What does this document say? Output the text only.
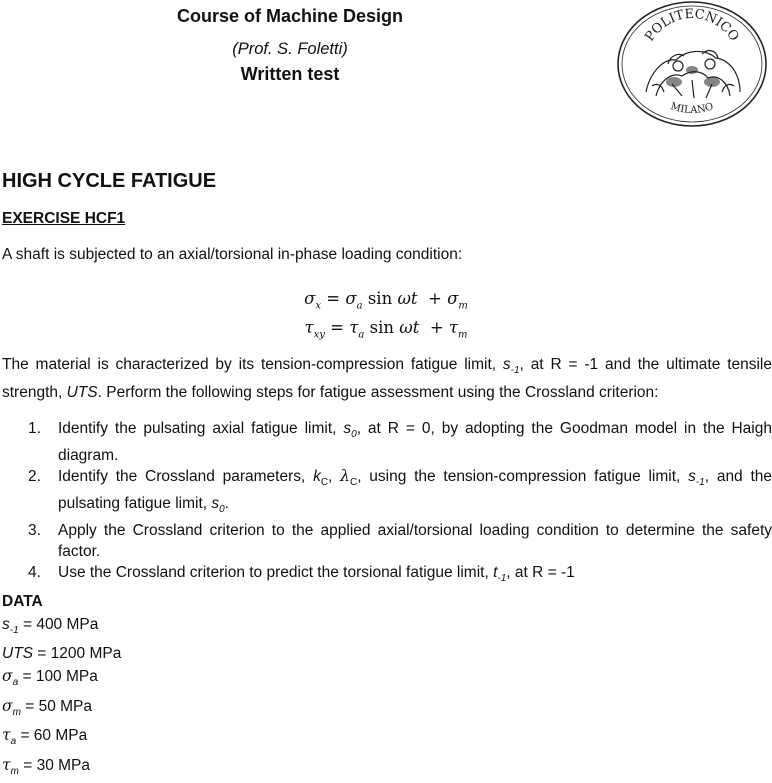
Course of Machine Design
(Prof. S. Foletti)
Written test
POLITECNICO
MILANO
HIGH CYCLE FATIGUE
EXERCISE HCF1
A shaft is subjected to an axial/torsional in-phase loading condition:
$\sigma_x = \sigma_a$ $\sin \omega t + \sigma_m$
$\tau_{xy} = \tau_a$ $\sin \omega t + \tau_m$
The material is characterized by its tension-compression fatigue limit, $s_{-1}$, at R = -1 and the ultimate tensile strength, UTS. Perform the following steps for fatigue assessment using the Crossland criterion:
1. Identify the pulsating axial fatigue limit, $s_0$, at R = 0, by adopting the Goodman model in the Haigh diagram.
2. Identify the Crossland parameters, $k_C$, $\lambda_C$, using the tension-compression fatigue limit, $s_{-1}$, and the pulsating fatigue limit, $s_0$.
3. Apply the Crossland criterion to the applied axial/torsional loading condition to determine the safety factor.
4. Use the Crossland criterion to predict the torsional fatigue limit, $t_{-1}$, at R = -1
DATA
$s_{-1} = 400$ MPa
UTS = 1200 MPa
$\sigma_a = 100$ MPa
$\sigma_m = 50$ MPa
$\tau_a = 60$ MPa
$\tau_m = 30$ MPa
